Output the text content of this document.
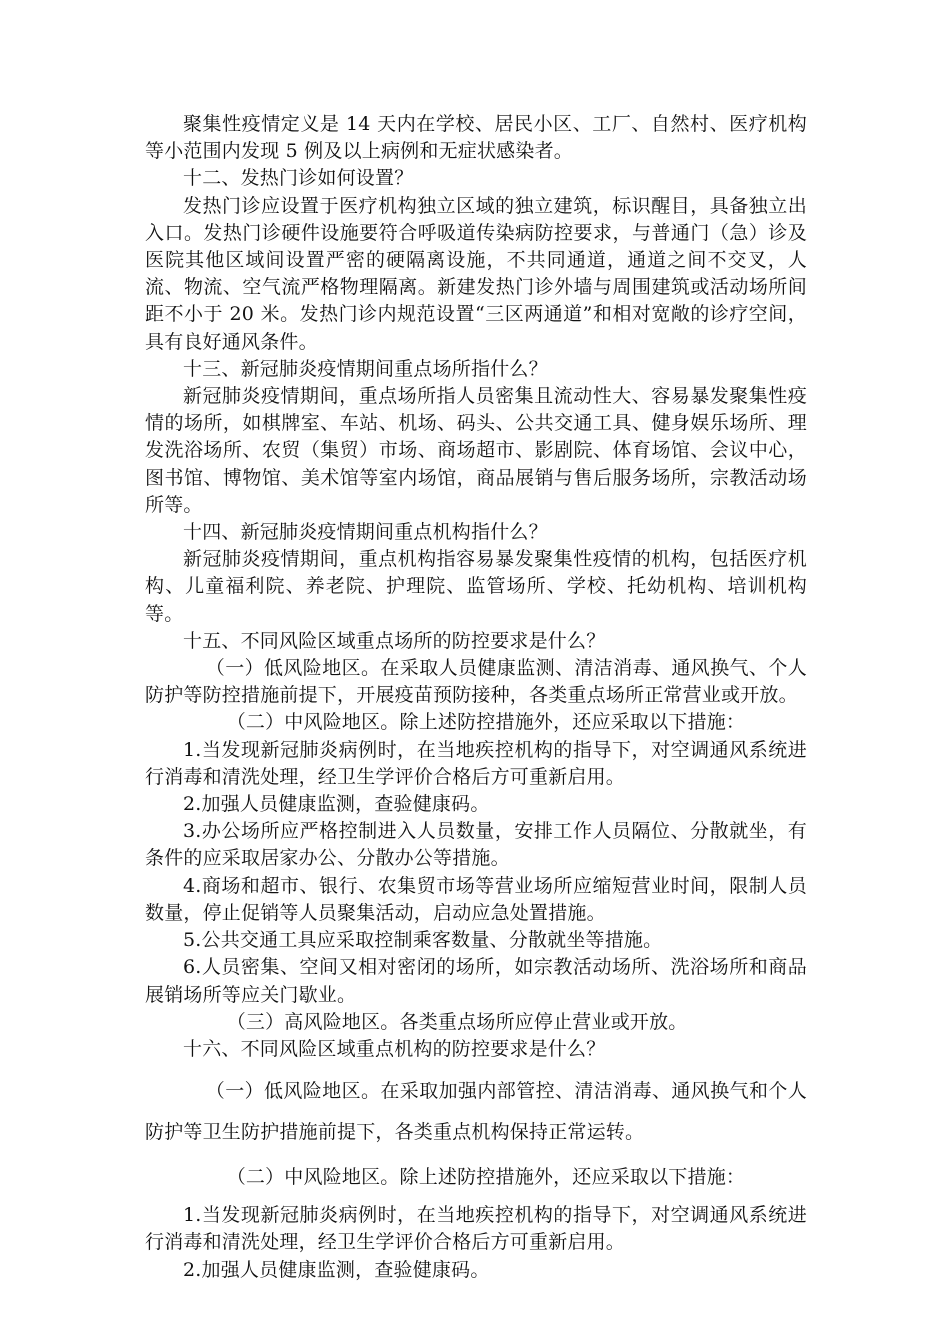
聚集性疫情定义是 14 天内在学校、居民小区、工厂、自然村、医疗机构等小范围内发现 5 例及以上病例和无症状感染者。

十二、发热门诊如何设置？

发热门诊应设置于医疗机构独立区域的独立建筑，标识醒目，具备独立出入口。发热门诊硬件设施要符合呼吸道传染病防控要求，与普通门（急）诊及医院其他区域间设置严密的硬隔离设施，不共同通道，通道之间不交叉，人流、物流、空气流严格物理隔离。新建发热门诊外墙与周围建筑或活动场所间距不小于 20 米。发热门诊内规范设置“三区两通道”和相对宽敞的诊疗空间，具有良好通风条件。

十三、新冠肺炎疫情期间重点场所指什么？

新冠肺炎疫情期间，重点场所指人员密集且流动性大、容易暴发聚集性疫情的场所，如棋牌室、车站、机场、码头、公共交通工具、健身娱乐场所、理发洗浴场所、农贸（集贸）市场、商场超市、影剧院、体育场馆、会议中心，图书馆、博物馆、美术馆等室内场馆，商品展销与售后服务场所，宗教活动场所等。

十四、新冠肺炎疫情期间重点机构指什么？

新冠肺炎疫情期间，重点机构指容易暴发聚集性疫情的机构，包括医疗机构、儿童福利院、养老院、护理院、监管场所、学校、托幼机构、培训机构等。

十五、不同风险区域重点场所的防控要求是什么？

（一）低风险地区。在采取人员健康监测、清洁消毒、通风换气、个人防护等防控措施前提下，开展疫苗预防接种，各类重点场所正常营业或开放。

（二）中风险地区。除上述防控措施外，还应采取以下措施：

1.当发现新冠肺炎病例时，在当地疾控机构的指导下，对空调通风系统进行消毒和清洗处理，经卫生学评价合格后方可重新启用。

2.加强人员健康监测，查验健康码。

3.办公场所应严格控制进入人员数量，安排工作人员隔位、分散就坐，有条件的应采取居家办公、分散办公等措施。

4.商场和超市、银行、农集贸市场等营业场所应缩短营业时间，限制人员数量，停止促销等人员聚集活动，启动应急处置措施。

5.公共交通工具应采取控制乘客数量、分散就坐等措施。

6.人员密集、空间又相对密闭的场所，如宗教活动场所、洗浴场所和商品展销场所等应关门歇业。

（三）高风险地区。各类重点场所应停止营业或开放。

十六、不同风险区域重点机构的防控要求是什么？

（一）低风险地区。在采取加强内部管控、清洁消毒、通风换气和个人防护等卫生防护措施前提下，各类重点机构保持正常运转。

（二）中风险地区。除上述防控措施外，还应采取以下措施：

1.当发现新冠肺炎病例时，在当地疾控机构的指导下，对空调通风系统进行消毒和清洗处理，经卫生学评价合格后方可重新启用。

2.加强人员健康监测，查验健康码。
